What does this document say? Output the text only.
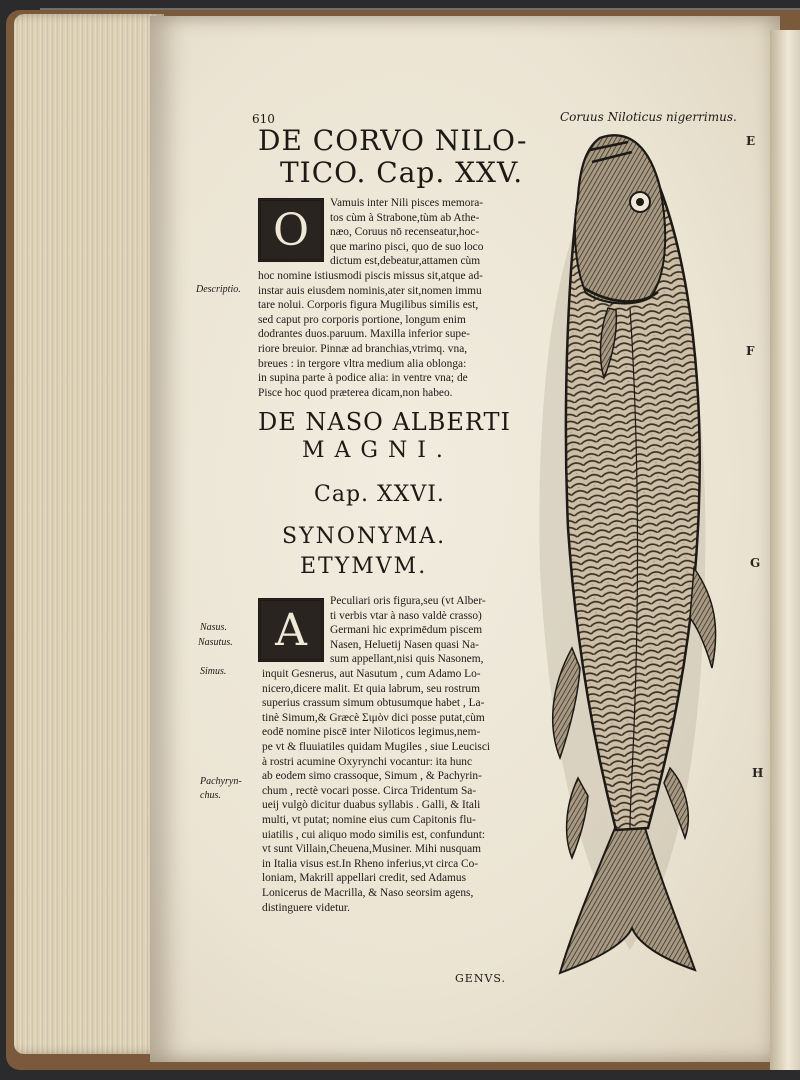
610	Coruus Niloticus nigerrimus.
DE CORVO NILO-
TICO. Cap. XXV.
O
Descriptio.
Vamuis inter Nili pisces memora-
tos cùm à Strabone,tùm ab Athe-
næo, Coruus nō recenseatur,hoc-
que marino pisci, quo de suo loco
dictum est,debeatur,attamen cùm
hoc nomine istiusmodi piscis missus sit,atque ad-
instar auis eiusdem nominis,ater sit,nomen immu
tare nolui. Corporis figura Mugilibus similis est,
sed caput pro corporis portione, longum enim
dodrantes duos.paruum. Maxilla inferior supe-
riore breuior. Pinnæ ad branchias,vtrimq. vna,
breues : in tergore vltra medium alia oblonga:
in supina parte à podice alia: in ventre vna; de
Pisce hoc quod præterea dicam,non habeo.
DE NASO ALBERTI
MAGNI.
Cap. XXVI.
SYNONYMA.
ETYMVM.
A
Nasus.
Nasutus.
Simus.
Pachyryn-
chus.
Peculiari oris figura,seu (vt Alber-
ti verbis vtar à naso valdè crasso)
Germani hic exprimēdum piscem
Nasen, Heluetij Nasen quasi Na-
sum appellant,nisi quis Nasonem,
inquit Gesnerus, aut Nasutum , cum Adamo Lo-
nicero,dicere malit. Et quia labrum, seu rostrum
superius crassum simum obtusumque habet , La-
tinè Simum,& Græcè Σιμὸν dici posse putat,cùm
eodē nomine piscē inter Niloticos legimus,nem-
pe vt & fluuiatiles quidam Mugiles , siue Leucisci
à rostri acumine Oxyrynchi vocantur: ita hunc
ab eodem simo crassoque, Simum , & Pachyrin-
chum , rectè vocari posse. Circa Tridentum Sa-
ueij vulgò dicitur duabus syllabis . Galli, & Itali
multi, vt putat; nomine eius cum Capitonis flu-
uiatilis , cui aliquo modo similis est, confundunt:
vt sunt Villain,Cheuena,Musiner. Mihi nusquam
in Italia visus est.In Rheno inferius,vt circa Co-
loniam, Makrill appellari credit, sed Adamus
Lonicerus de Macrilla, & Naso seorsim agens,
distinguere videtur.
GENVS.
E
F
G
H
